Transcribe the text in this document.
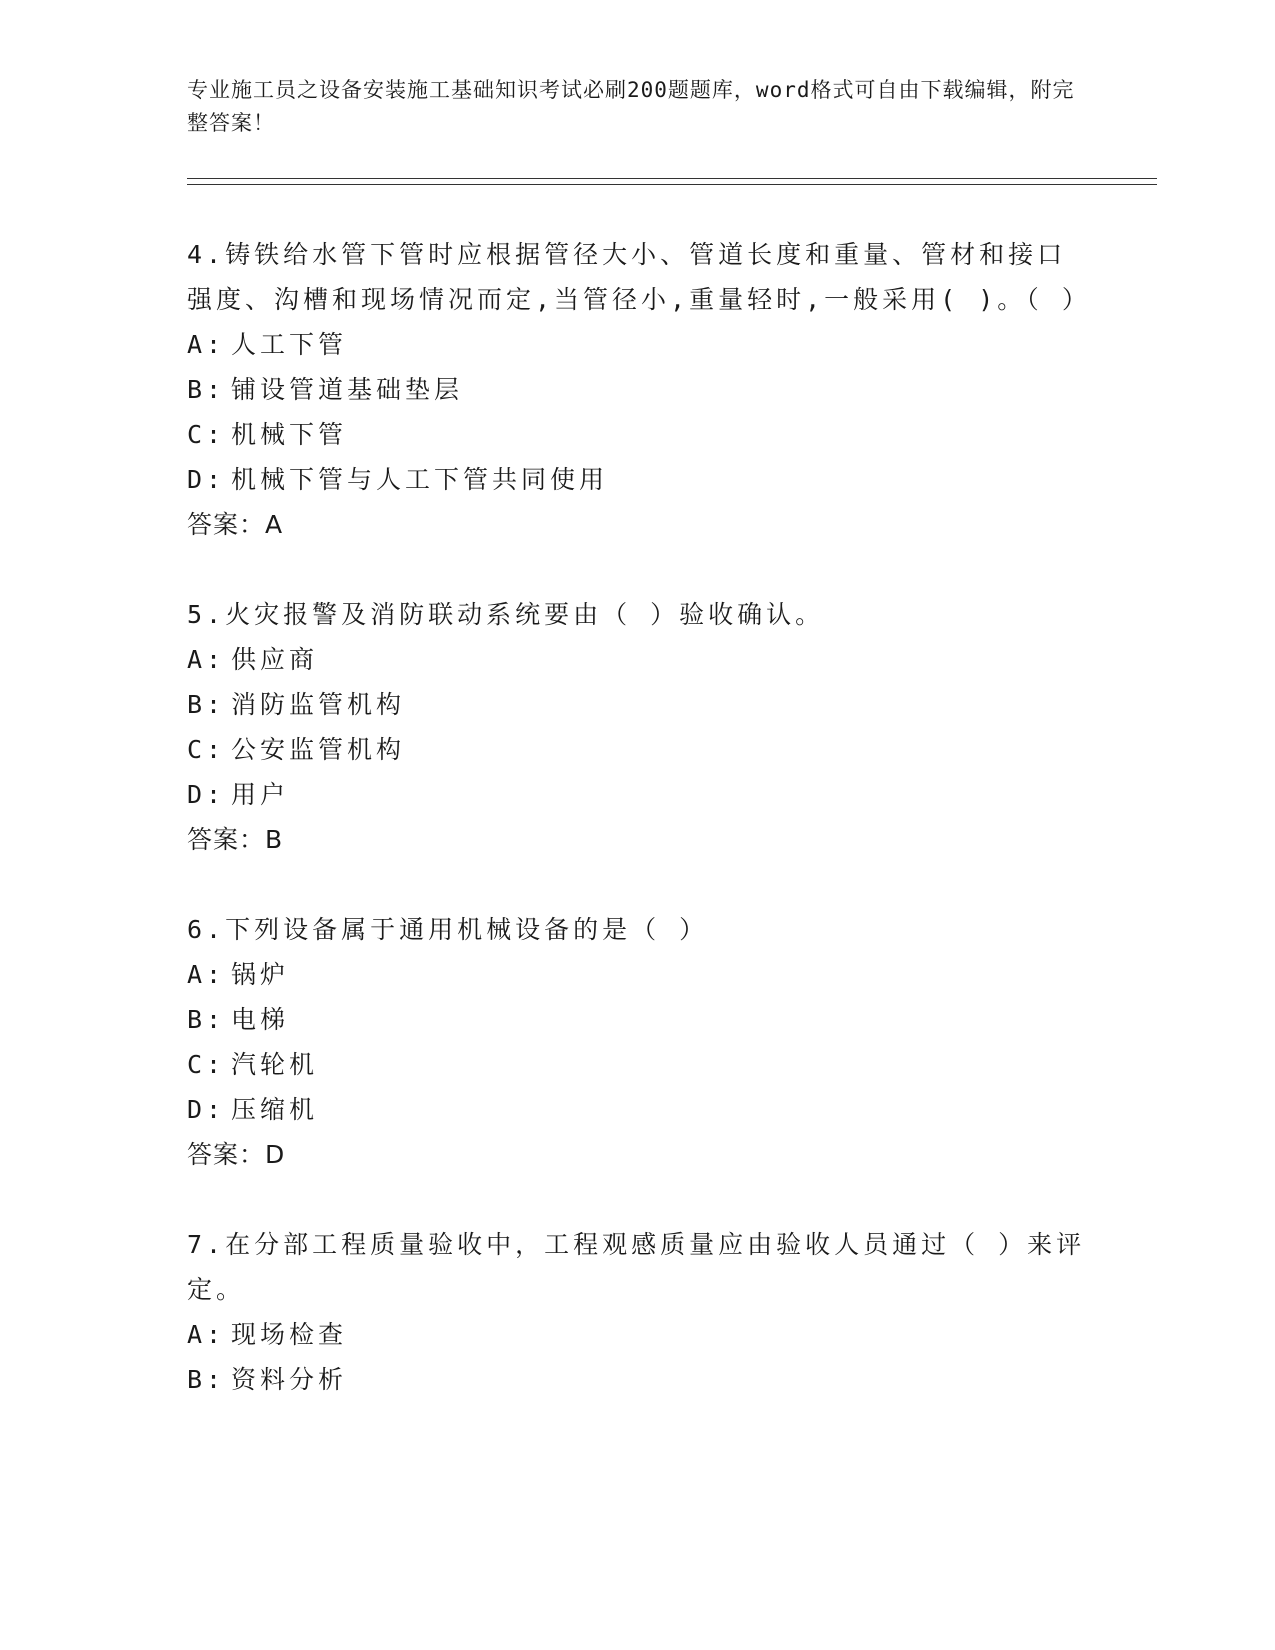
专业施工员之设备安装施工基础知识考试必刷200题题库，word格式可自由下载编辑，附完整答案！

4.铸铁给水管下管时应根据管径大小、管道长度和重量、管材和接口强度、沟槽和现场情况而定,当管径小,重量轻时,一般采用( )。（ ）

A: 人工下管
B: 铺设管道基础垫层
C: 机械下管
D: 机械下管与人工下管共同使用
答案：A

5.火灾报警及消防联动系统要由（ ）验收确认。

A: 供应商
B: 消防监管机构
C: 公安监管机构
D: 用户
答案：B

6.下列设备属于通用机械设备的是（ ）

A: 锅炉
B: 电梯
C: 汽轮机
D: 压缩机
答案：D

7.在分部工程质量验收中，工程观感质量应由验收人员通过（ ）来评定。

A: 现场检查
B: 资料分析
